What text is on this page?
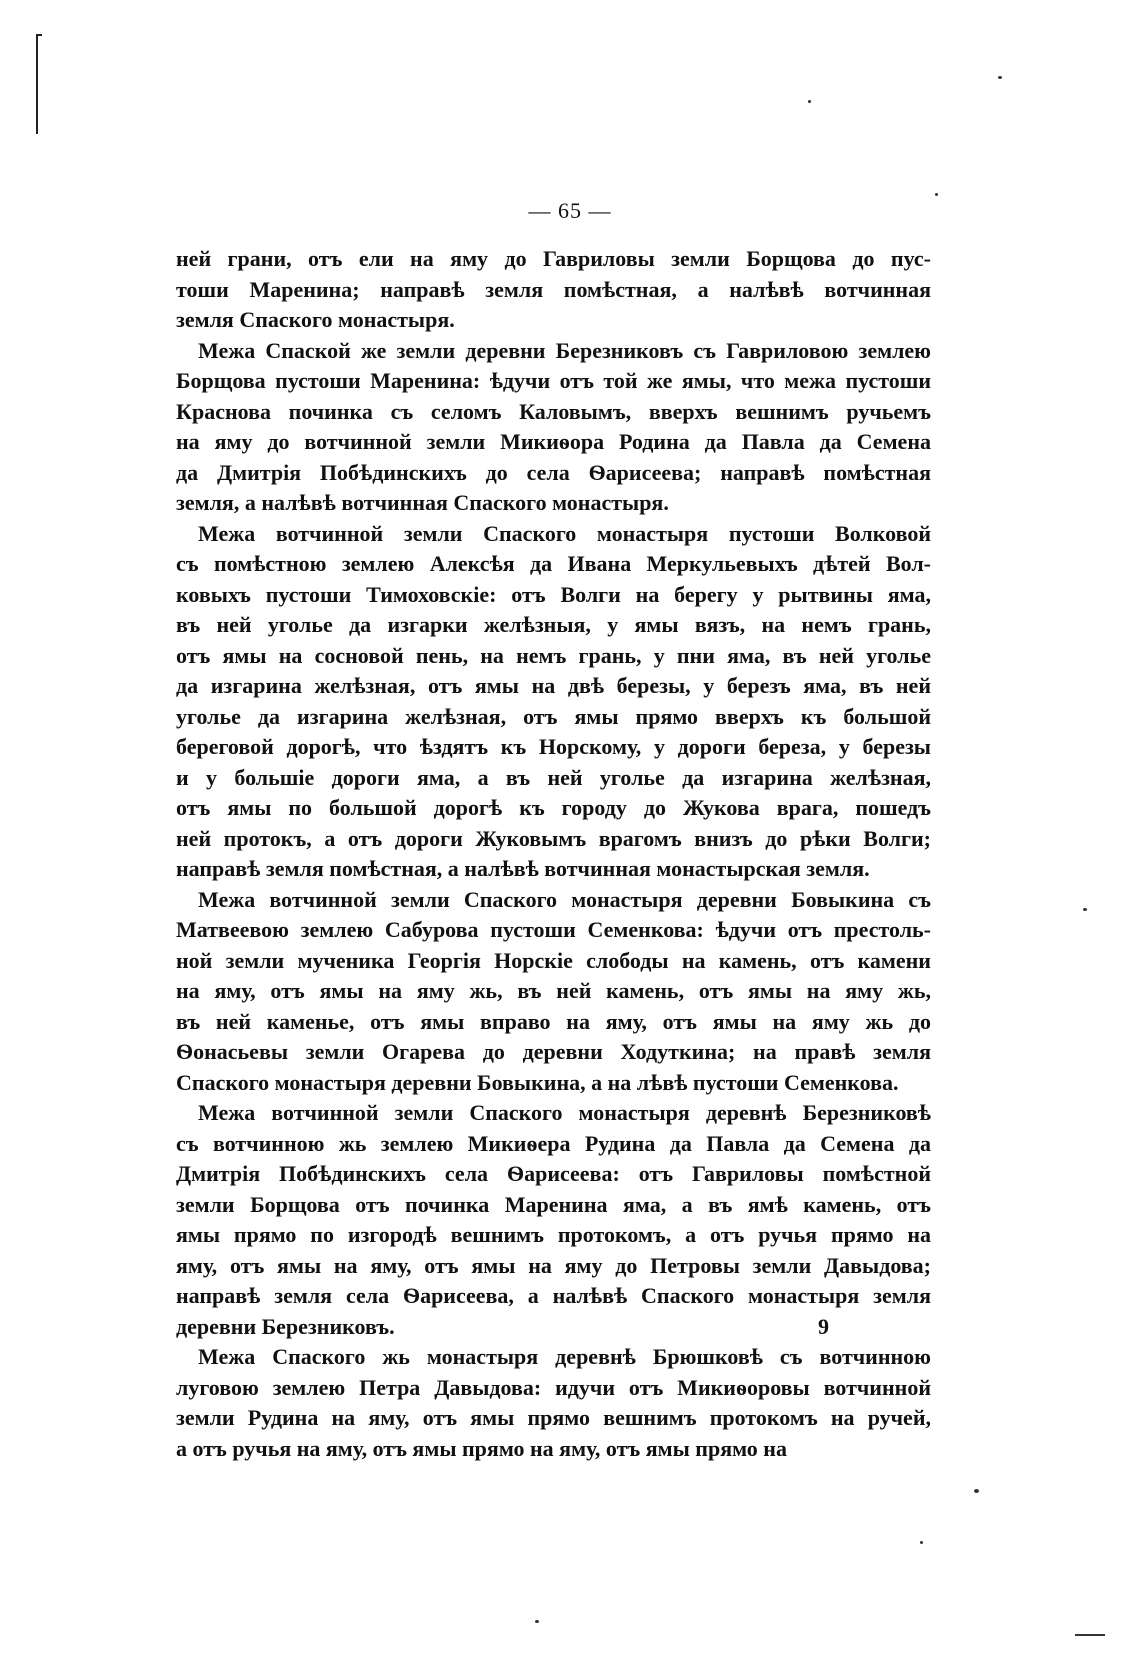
— 65 —
ней грани, отъ ели на яму до Гавриловы земли Борщова до пус-
тоши Маренина; направѣ земля помѣстная, а налѣвѣ вотчинная
земля Спаского монастыря.
Межа Спаской же земли деревни Березниковъ съ Гавриловою землею
Борщова пустоши Маренина: ѣдучи отъ той же ямы, что межа пустоши
Краснова починка съ селомъ Каловымъ, вверхъ вешнимъ ручьемъ
на яму до вотчинной земли Микиѳора Родина да Павла да Семена
да Дмитрія Побѣдинскихъ до села Ѳарисеева; направѣ помѣстная
земля, а налѣвѣ вотчинная Спаского монастыря.
Межа вотчинной земли Спаского монастыря пустоши Волковой
съ помѣстною землею Алексѣя да Ивана Меркульевыхъ дѣтей Вол-
ковыхъ пустоши Тимоховскіе: отъ Волги на берегу у рытвины яма,
въ ней уголье да изгарки желѣзныя, у ямы вязъ, на немъ грань,
отъ ямы на сосновой пень, на немъ грань, у пни яма, въ ней уголье
да изгарина желѣзная, отъ ямы на двѣ березы, у березъ яма, въ ней
уголье да изгарина желѣзная, отъ ямы прямо вверхъ къ большой
береговой дорогѣ, что ѣздятъ къ Норскому, у дороги береза, у березы
и у большіе дороги яма, а въ ней уголье да изгарина желѣзная,
отъ ямы по большой дорогѣ къ городу до Жукова врага, пошедъ
ней протокъ, а отъ дороги Жуковымъ врагомъ внизъ до рѣки Волги;
направѣ земля помѣстная, а налѣвѣ вотчинная монастырская земля.
Межа вотчинной земли Спаского монастыря деревни Бовыкина съ
Матвеевою землею Сабурова пустоши Семенкова: ѣдучи отъ престоль-
ной земли мученика Георгія Норскіе слободы на камень, отъ камени
на яму, отъ ямы на яму жь, въ ней камень, отъ ямы на яму жь,
въ ней каменье, отъ ямы вправо на яму, отъ ямы на яму жь до
Ѳонасьевы земли Огарева до деревни Ходуткина; на правѣ земля
Спаского монастыря деревни Бовыкина, а на лѣвѣ пустоши Семенкова.
Межа вотчинной земли Спаского монастыря деревнѣ Березниковѣ
съ вотчинною жь землею Микиѳера Рудина да Павла да Семена да
Дмитрія Побѣдинскихъ села Ѳарисеева: отъ Гавриловы помѣстной
земли Борщова отъ починка Маренина яма, а въ ямѣ камень, отъ
ямы прямо по изгородѣ вешнимъ протокомъ, а отъ ручья прямо на
яму, отъ ямы на яму, отъ ямы на яму до Петровы земли Давыдова;
направѣ земля села Ѳарисеева, а налѣвѣ Спаского монастыря земля
деревни Березниковъ.
Межа Спаского жь монастыря деревнѣ Брюшковѣ съ вотчинною
луговою землею Петра Давыдова: идучи отъ Микиѳоровы вотчинной
земли Рудина на яму, отъ ямы прямо вешнимъ протокомъ на ручей,
а отъ ручья на яму, отъ ямы прямо на яму, отъ ямы прямо на
9
